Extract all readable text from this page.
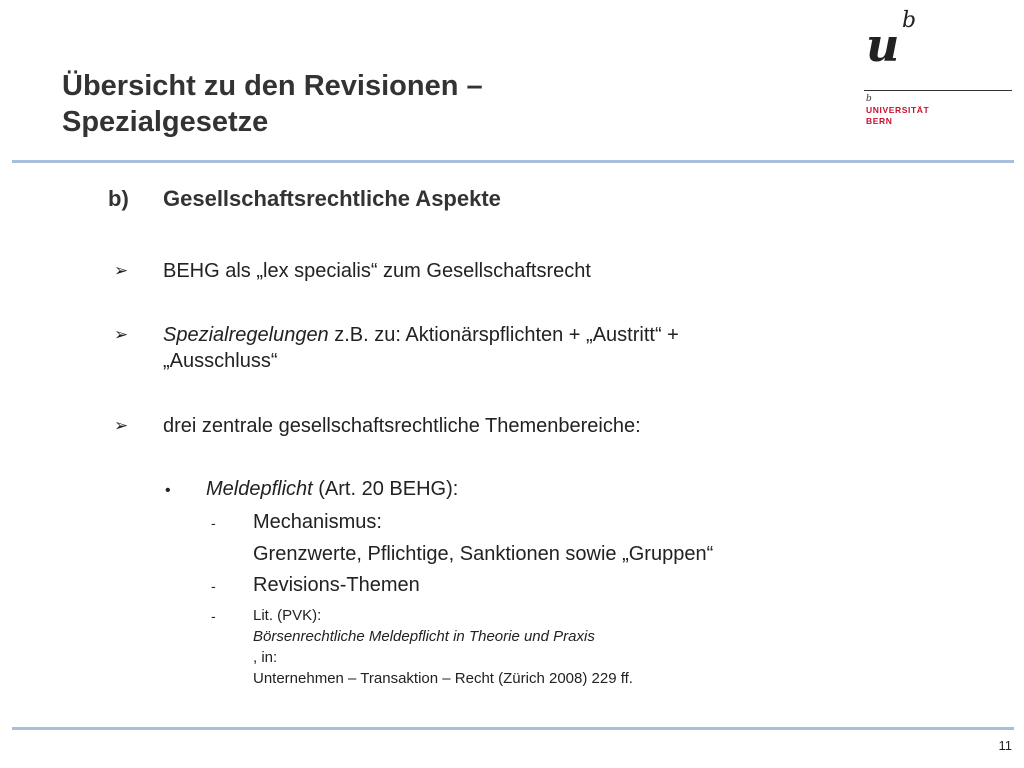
Übersicht zu den Revisionen –
Spezialgesetze
u b
b
UNIVERSITÄT
BERN
b) Gesellschaftsrechtliche Aspekte
➢ BEHG als „lex specialis“ zum Gesellschaftsrecht
➢ Spezialregelungen z.B. zu: Aktionärspflichten + „Austritt“ +
„Ausschluss“
➢ drei zentrale gesellschaftsrechtliche Themenbereiche:
• Meldepflicht (Art. 20 BEHG):
- Mechanismus:
Grenzwerte, Pflichtige, Sanktionen sowie „Gruppen“
- Revisions-Themen
- Lit. (PVK):
Börsenrechtliche Meldepflicht in Theorie und Praxis
, in:
Unternehmen – Transaktion – Recht (Zürich 2008) 229 ff.
11
